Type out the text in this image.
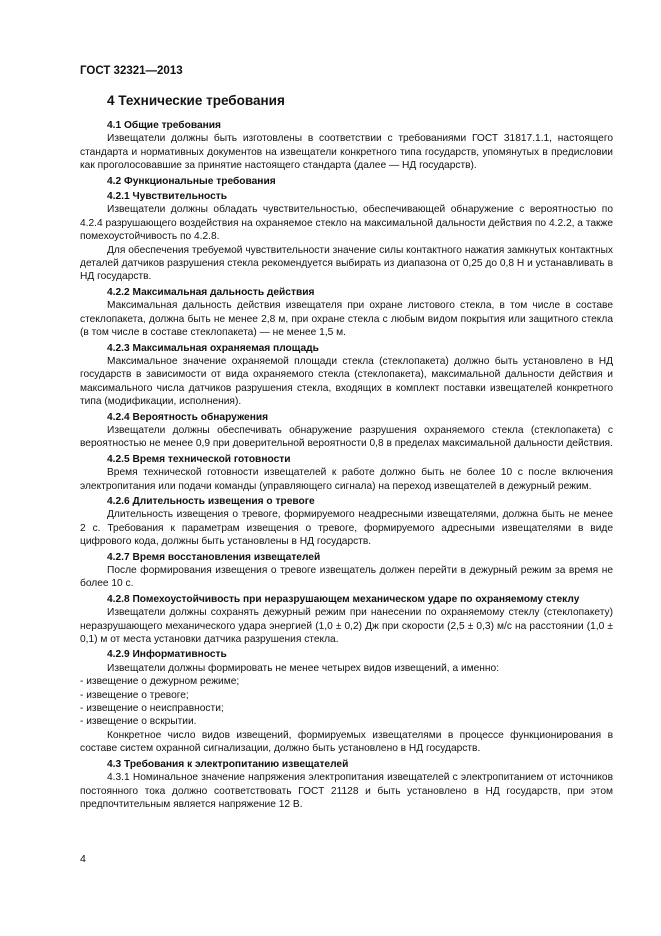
ГОСТ 32321—2013
4 Технические требования

4.1 Общие требования

Извещатели должны быть изготовлены в соответствии с требованиями ГОСТ 31817.1.1, настоящего стандарта и нормативных документов на извещатели конкретного типа государств, упомянутых в предисловии как проголосовавшие за принятие настоящего стандарта (далее — НД государств).

4.2 Функциональные требования

4.2.1 Чувствительность

Извещатели должны обладать чувствительностью, обеспечивающей обнаружение с вероятностью по 4.2.4 разрушающего воздействия на охраняемое стекло на максимальной дальности действия по 4.2.2, а также помехоустойчивость по 4.2.8.

Для обеспечения требуемой чувствительности значение силы контактного нажатия замкнутых контактных деталей датчиков разрушения стекла рекомендуется выбирать из диапазона от 0,25 до 0,8 Н и устанавливать в НД государств.

4.2.2 Максимальная дальность действия

Максимальная дальность действия извещателя при охране листового стекла, в том числе в составе стеклопакета, должна быть не менее 2,8 м, при охране стекла с любым видом покрытия или защитного стекла (в том числе в составе стеклопакета) — не менее 1,5 м.

4.2.3 Максимальная охраняемая площадь

Максимальное значение охраняемой площади стекла (стеклопакета) должно быть установлено в НД государств в зависимости от вида охраняемого стекла (стеклопакета), максимальной дальности действия и максимального числа датчиков разрушения стекла, входящих в комплект поставки извещателей конкретного типа (модификации, исполнения).

4.2.4 Вероятность обнаружения

Извещатели должны обеспечивать обнаружение разрушения охраняемого стекла (стеклопакета) с вероятностью не менее 0,9 при доверительной вероятности 0,8 в пределах максимальной дальности действия.

4.2.5 Время технической готовности

Время технической готовности извещателей к работе должно быть не более 10 с после включения электропитания или подачи команды (управляющего сигнала) на переход извещателей в дежурный режим.

4.2.6 Длительность извещения о тревоге

Длительность извещения о тревоге, формируемого неадресными извещателями, должна быть не менее 2 с. Требования к параметрам извещения о тревоге, формируемого адресными извещателями в виде цифрового кода, должны быть установлены в НД государств.

4.2.7 Время восстановления извещателей

После формирования извещения о тревоге извещатель должен перейти в дежурный режим за время не более 10 с.

4.2.8 Помехоустойчивость при неразрушающем механическом ударе по охраняемому стеклу

Извещатели должны сохранять дежурный режим при нанесении по охраняемому стеклу (стеклопакету) неразрушающего механического удара энергией (1,0 ± 0,2) Дж при скорости (2,5 ± 0,3) м/с на расстоянии (1,0 ± 0,1) м от места установки датчика разрушения стекла.

4.2.9 Информативность

Извещатели должны формировать не менее четырех видов извещений, а именно:

- извещение о дежурном режиме;

- извещение о тревоге;

- извещение о неисправности;

- извещение о вскрытии.

Конкретное число видов извещений, формируемых извещателями в процессе функционирования в составе систем охранной сигнализации, должно быть установлено в НД государств.

4.3 Требования к электропитанию извещателей

4.3.1 Номинальное значение напряжения электропитания извещателей с электропитанием от источников постоянного тока должно соответствовать ГОСТ 21128 и быть установлено в НД государств, при этом предпочтительным является напряжение 12 В.

4
